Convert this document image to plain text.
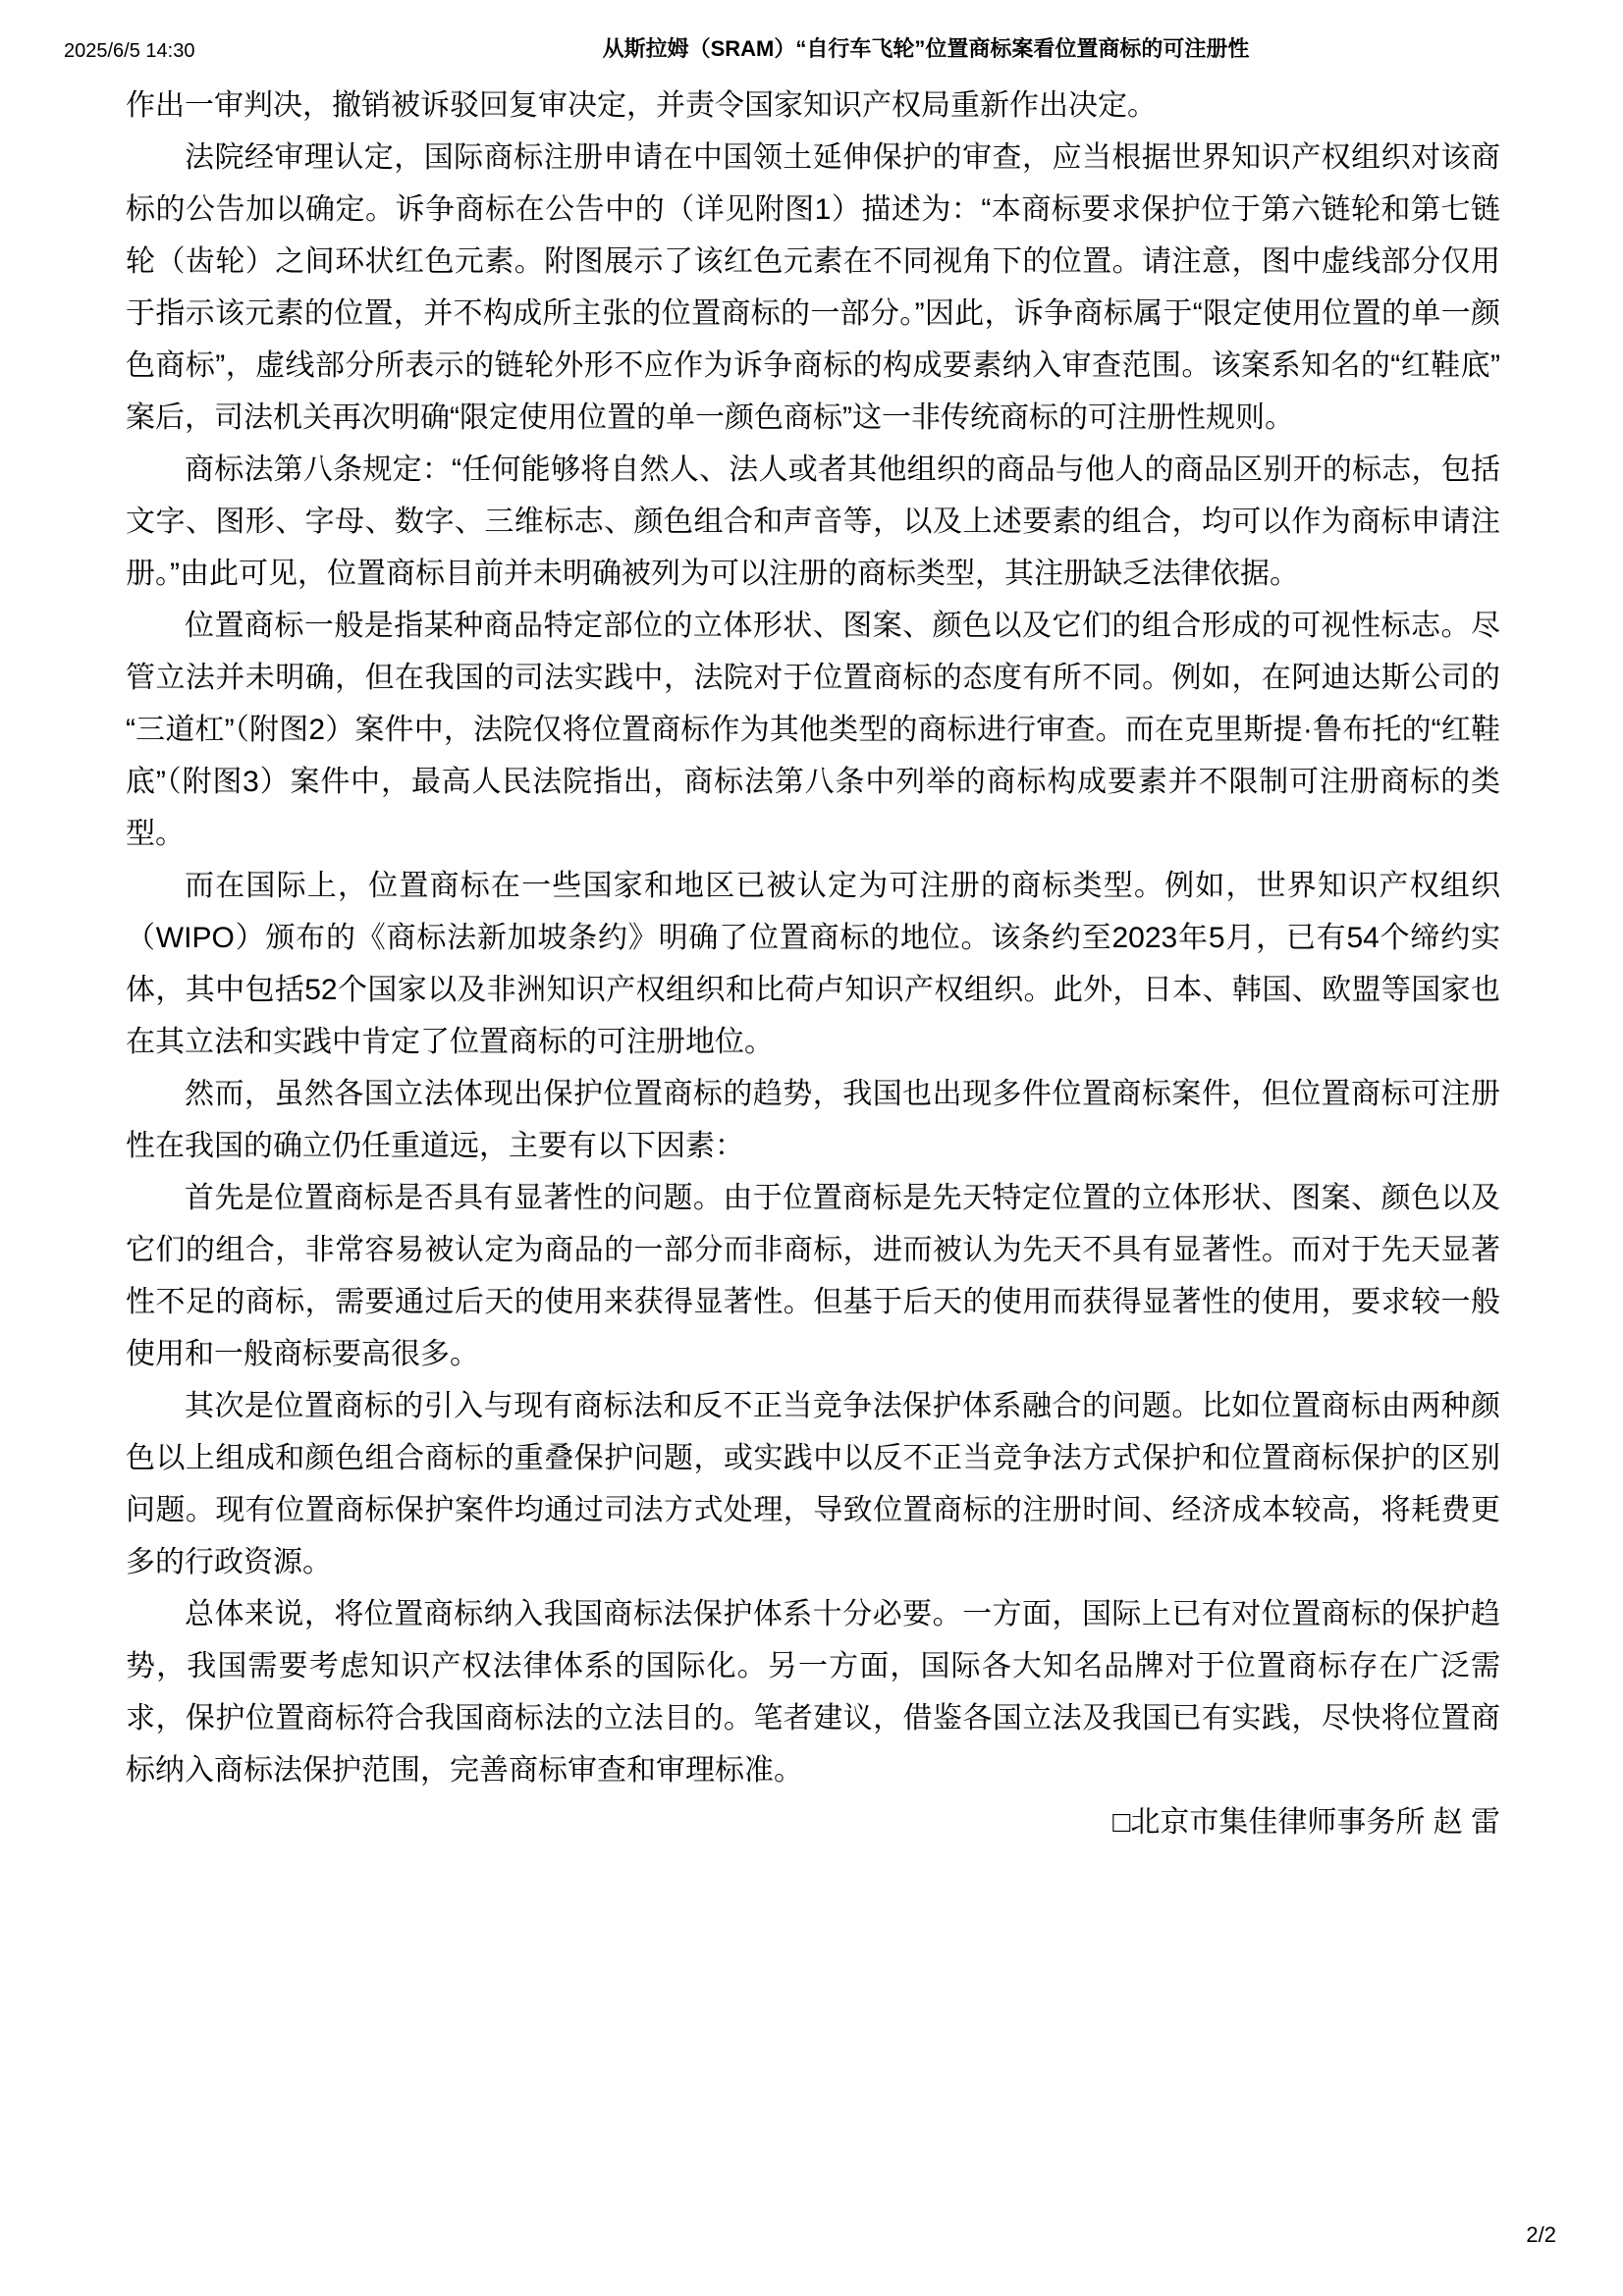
2025/6/5 14:30	从斯拉姆（SRAM）“自行车飞轮”位置商标案看位置商标的可注册性

作出一审判决，撤销被诉驳回复审决定，并责令国家知识产权局重新作出决定。

法院经审理认定，国际商标注册申请在中国领土延伸保护的审查，应当根据世界知识产权组织对该商标的公告加以确定。诉争商标在公告中的（详见附图1）描述为：“本商标要求保护位于第六链轮和第七链轮（齿轮）之间环状红色元素。附图展示了该红色元素在不同视角下的位置。请注意，图中虚线部分仅用于指示该元素的位置，并不构成所主张的位置商标的一部分。”因此，诉争商标属于“限定使用位置的单一颜色商标”，虚线部分所表示的链轮外形不应作为诉争商标的构成要素纳入审查范围。该案系知名的“红鞋底”案后，司法机关再次明确“限定使用位置的单一颜色商标”这一非传统商标的可注册性规则。

商标法第八条规定：“任何能够将自然人、法人或者其他组织的商品与他人的商品区别开的标志，包括文字、图形、字母、数字、三维标志、颜色组合和声音等，以及上述要素的组合，均可以作为商标申请注册。”由此可见，位置商标目前并未明确被列为可以注册的商标类型，其注册缺乏法律依据。

位置商标一般是指某种商品特定部位的立体形状、图案、颜色以及它们的组合形成的可视性标志。尽管立法并未明确，但在我国的司法实践中，法院对于位置商标的态度有所不同。例如，在阿迪达斯公司的“三道杠”（附图2）案件中，法院仅将位置商标作为其他类型的商标进行审查。而在克里斯提·鲁布托的“红鞋底”（附图3）案件中，最高人民法院指出，商标法第八条中列举的商标构成要素并不限制可注册商标的类型。

而在国际上，位置商标在一些国家和地区已被认定为可注册的商标类型。例如，世界知识产权组织（WIPO）颁布的《商标法新加坡条约》明确了位置商标的地位。该条约至2023年5月，已有54个缔约实体，其中包括52个国家以及非洲知识产权组织和比荷卢知识产权组织。此外，日本、韩国、欧盟等国家也在其立法和实践中肯定了位置商标的可注册地位。

然而，虽然各国立法体现出保护位置商标的趋势，我国也出现多件位置商标案件，但位置商标可注册性在我国的确立仍任重道远，主要有以下因素：

首先是位置商标是否具有显著性的问题。由于位置商标是先天特定位置的立体形状、图案、颜色以及它们的组合，非常容易被认定为商品的一部分而非商标，进而被认为先天不具有显著性。而对于先天显著性不足的商标，需要通过后天的使用来获得显著性。但基于后天的使用而获得显著性的使用，要求较一般使用和一般商标要高很多。

其次是位置商标的引入与现有商标法和反不正当竞争法保护体系融合的问题。比如位置商标由两种颜色以上组成和颜色组合商标的重叠保护问题，或实践中以反不正当竞争法方式保护和位置商标保护的区别问题。现有位置商标保护案件均通过司法方式处理，导致位置商标的注册时间、经济成本较高，将耗费更多的行政资源。

总体来说，将位置商标纳入我国商标法保护体系十分必要。一方面，国际上已有对位置商标的保护趋势，我国需要考虑知识产权法律体系的国际化。另一方面，国际各大知名品牌对于位置商标存在广泛需求，保护位置商标符合我国商标法的立法目的。笔者建议，借鉴各国立法及我国已有实践，尽快将位置商标纳入商标法保护范围，完善商标审查和审理标准。

□北京市集佳律师事务所 赵 雷

2/2
